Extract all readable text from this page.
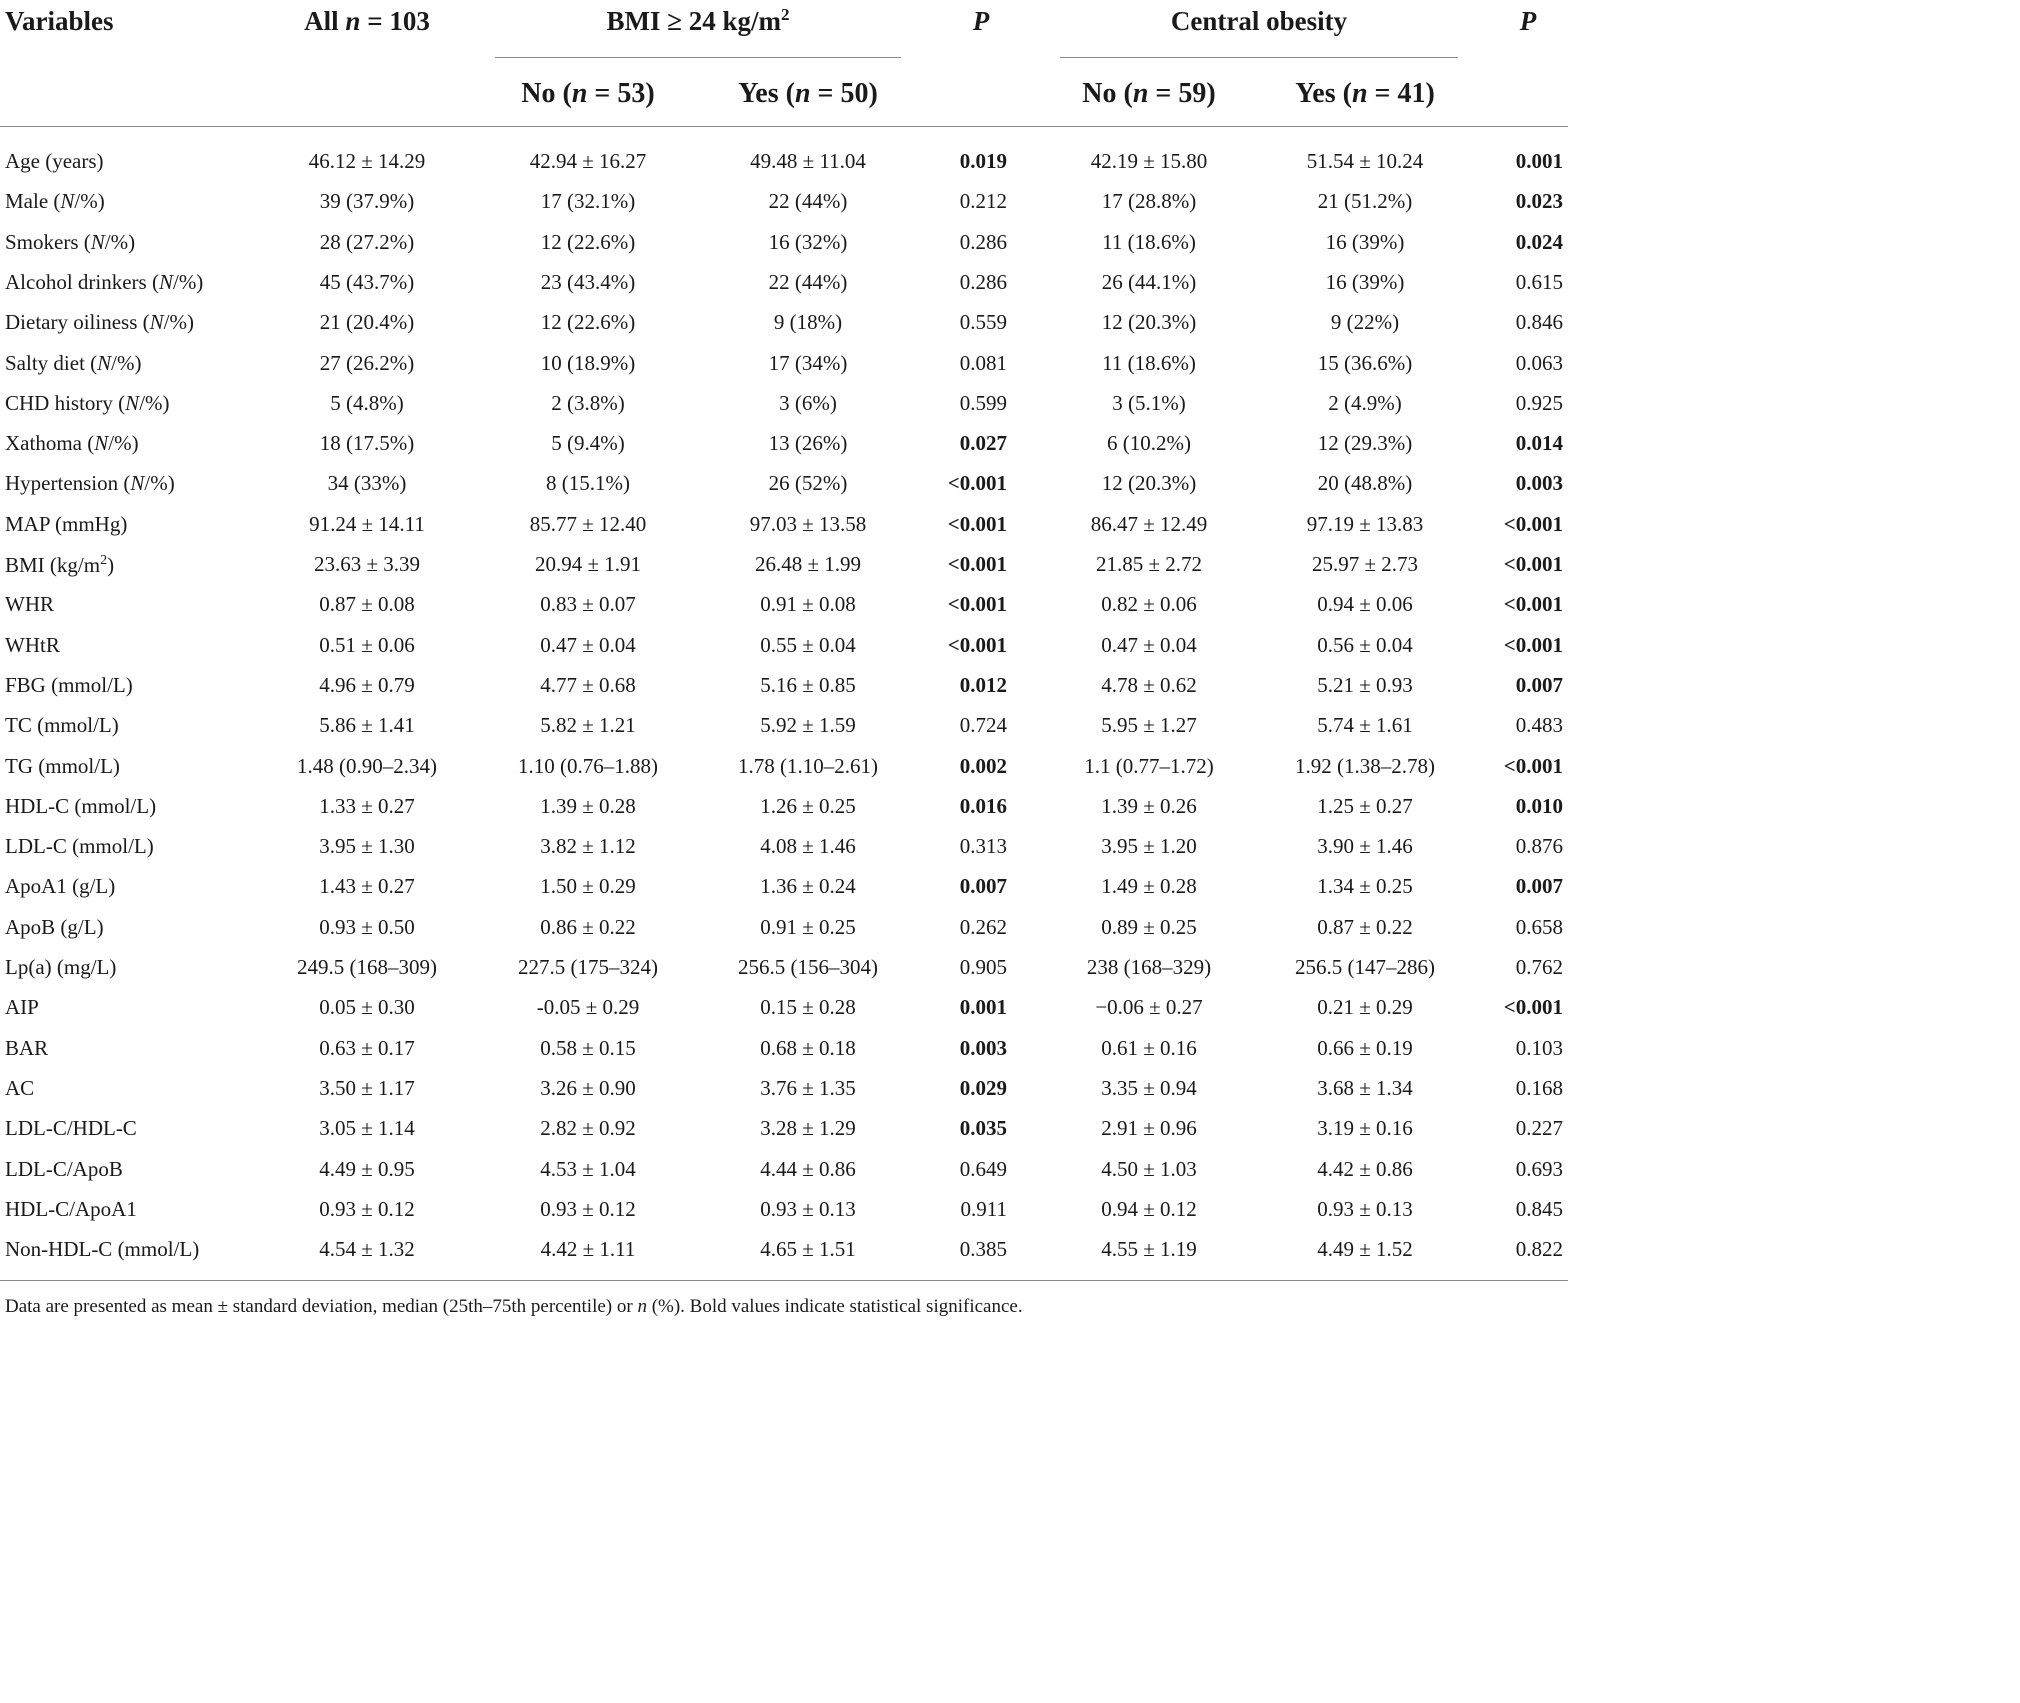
Variables	All n = 103	BMI ≥ 24 $kg/m^2$	P	Central obesity	P
No (n = 53)	Yes (n = 50)	No (n = 59)	Yes (n = 41)
Age (years)	46.12 ± 14.29	42.94 ± 16.27	49.48 ± 11.04	0.019	42.19 ± 15.80	51.54 ± 10.24	0.001
Male (N/%)	39 (37.9%)	17 (32.1%)	22 (44%)	0.212	17 (28.8%)	21 (51.2%)	0.023
Smokers (N/%)	28 (27.2%)	12 (22.6%)	16 (32%)	0.286	11 (18.6%)	16 (39%)	0.024
Alcohol drinkers (N/%)	45 (43.7%)	23 (43.4%)	22 (44%)	0.286	26 (44.1%)	16 (39%)	0.615
Dietary oiliness (N/%)	21 (20.4%)	12 (22.6%)	9 (18%)	0.559	12 (20.3%)	9 (22%)	0.846
Salty diet (N/%)	27 (26.2%)	10 (18.9%)	17 (34%)	0.081	11 (18.6%)	15 (36.6%)	0.063
CHD history (N/%)	5 (4.8%)	2 (3.8%)	3 (6%)	0.599	3 (5.1%)	2 (4.9%)	0.925
Xathoma (N/%)	18 (17.5%)	5 (9.4%)	13 (26%)	0.027	6 (10.2%)	12 (29.3%)	0.014
Hypertension (N/%)	34 (33%)	8 (15.1%)	26 (52%)	<0.001	12 (20.3%)	20 (48.8%)	0.003
MAP (mmHg)	91.24 ± 14.11	85.77 ± 12.40	97.03 ± 13.58	<0.001	86.47 ± 12.49	97.19 ± 13.83	<0.001
BMI $(kg/m^2)$	23.63 ± 3.39	20.94 ± 1.91	26.48 ± 1.99	<0.001	21.85 ± 2.72	25.97 ± 2.73	<0.001
WHR	0.87 ± 0.08	0.83 ± 0.07	0.91 ± 0.08	<0.001	0.82 ± 0.06	0.94 ± 0.06	<0.001
WHtR	0.51 ± 0.06	0.47 ± 0.04	0.55 ± 0.04	<0.001	0.47 ± 0.04	0.56 ± 0.04	<0.001
FBG (mmol/L)	4.96 ± 0.79	4.77 ± 0.68	5.16 ± 0.85	0.012	4.78 ± 0.62	5.21 ± 0.93	0.007
TC (mmol/L)	5.86 ± 1.41	5.82 ± 1.21	5.92 ± 1.59	0.724	5.95 ± 1.27	5.74 ± 1.61	0.483
TG (mmol/L)	1.48 (0.90–2.34)	1.10 (0.76–1.88)	1.78 (1.10–2.61)	0.002	1.1 (0.77–1.72)	1.92 (1.38–2.78)	<0.001
HDL-C (mmol/L)	1.33 ± 0.27	1.39 ± 0.28	1.26 ± 0.25	0.016	1.39 ± 0.26	1.25 ± 0.27	0.010
LDL-C (mmol/L)	3.95 ± 1.30	3.82 ± 1.12	4.08 ± 1.46	0.313	3.95 ± 1.20	3.90 ± 1.46	0.876
ApoA1 (g/L)	1.43 ± 0.27	1.50 ± 0.29	1.36 ± 0.24	0.007	1.49 ± 0.28	1.34 ± 0.25	0.007
ApoB (g/L)	0.93 ± 0.50	0.86 ± 0.22	0.91 ± 0.25	0.262	0.89 ± 0.25	0.87 ± 0.22	0.658
Lp(a) (mg/L)	249.5 (168–309)	227.5 (175–324)	256.5 (156–304)	0.905	238 (168–329)	256.5 (147–286)	0.762
AIP	0.05 ± 0.30	-0.05 ± 0.29	0.15 ± 0.28	0.001	−0.06 ± 0.27	0.21 ± 0.29	<0.001
BAR	0.63 ± 0.17	0.58 ± 0.15	0.68 ± 0.18	0.003	0.61 ± 0.16	0.66 ± 0.19	0.103
AC	3.50 ± 1.17	3.26 ± 0.90	3.76 ± 1.35	0.029	3.35 ± 0.94	3.68 ± 1.34	0.168
LDL-C/HDL-C	3.05 ± 1.14	2.82 ± 0.92	3.28 ± 1.29	0.035	2.91 ± 0.96	3.19 ± 0.16	0.227
LDL-C/ApoB	4.49 ± 0.95	4.53 ± 1.04	4.44 ± 0.86	0.649	4.50 ± 1.03	4.42 ± 0.86	0.693
HDL-C/ApoA1	0.93 ± 0.12	0.93 ± 0.12	0.93 ± 0.13	0.911	0.94 ± 0.12	0.93 ± 0.13	0.845
Non-HDL-C (mmol/L)	4.54 ± 1.32	4.42 ± 1.11	4.65 ± 1.51	0.385	4.55 ± 1.19	4.49 ± 1.52	0.822
Data are presented as mean ± standard deviation, median (25th–75th percentile) or n (%). Bold values indicate statistical significance.
